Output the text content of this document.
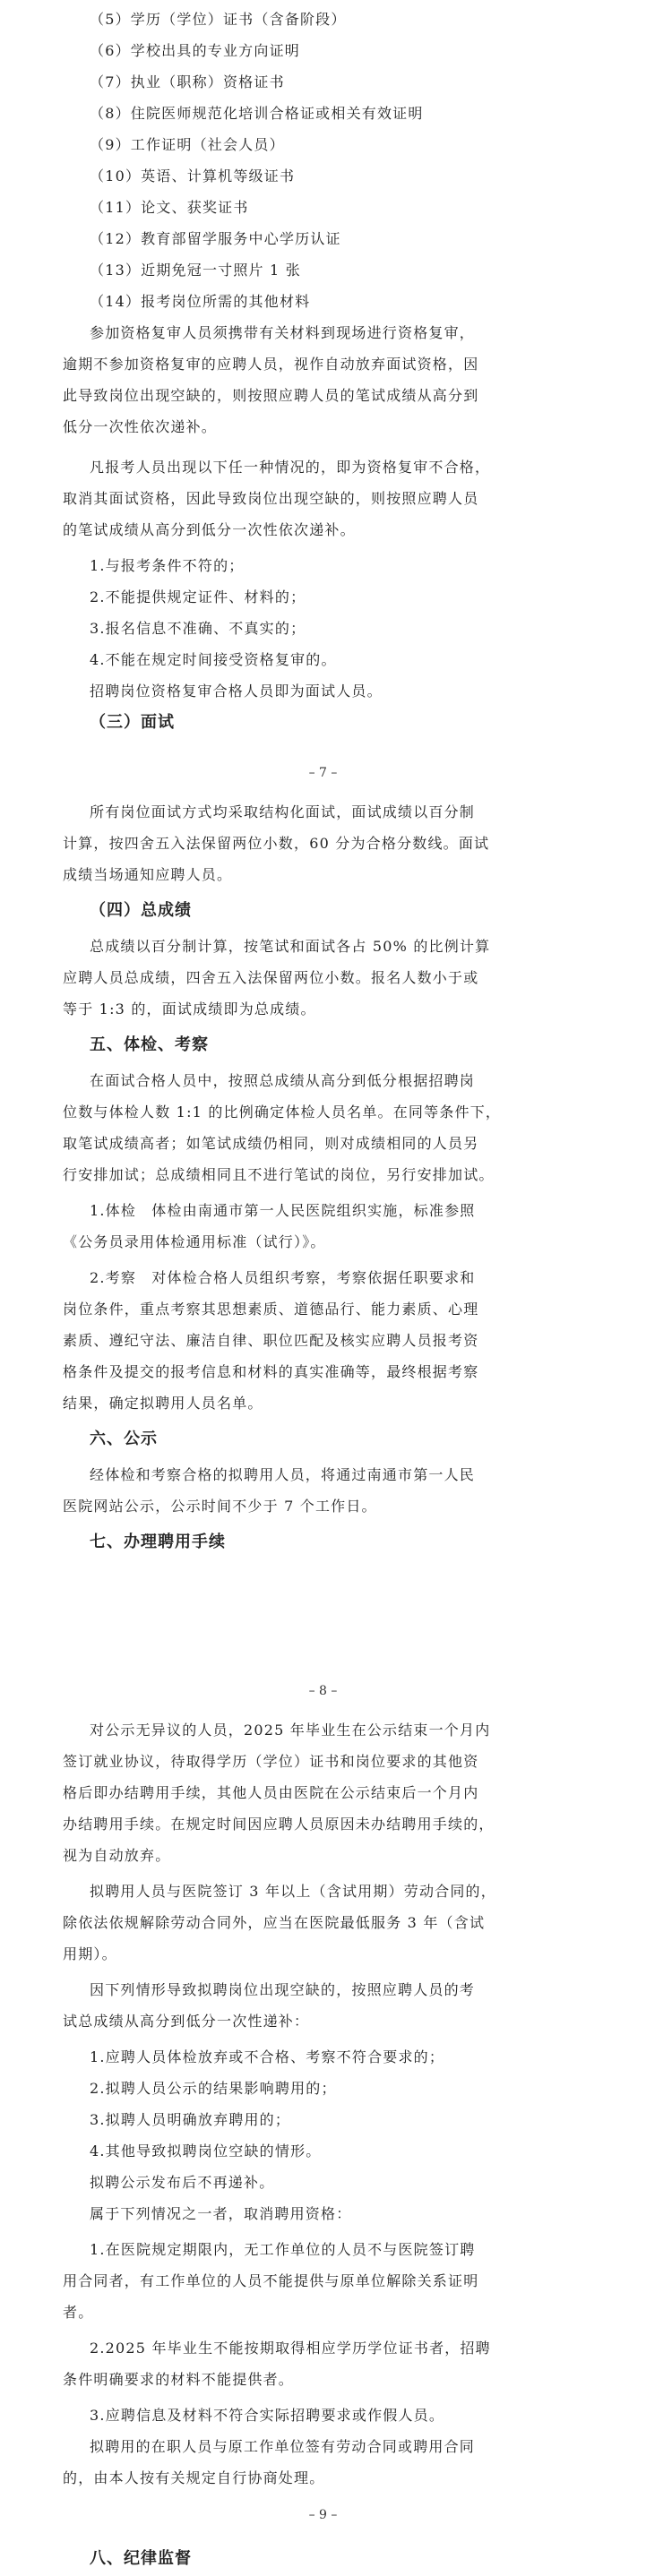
（5）学历（学位）证书（含备阶段）
（6）学校出具的专业方向证明
（7）执业（职称）资格证书
（8）住院医师规范化培训合格证或相关有效证明
（9）工作证明（社会人员）
（10）英语、计算机等级证书
（11）论文、获奖证书
（12）教育部留学服务中心学历认证
（13）近期免冠一寸照片 1 张
（14）报考岗位所需的其他材料
参加资格复审人员须携带有关材料到现场进行资格复审，
逾期不参加资格复审的应聘人员，视作自动放弃面试资格，因
此导致岗位出现空缺的，则按照应聘人员的笔试成绩从高分到
低分一次性依次递补。
凡报考人员出现以下任一种情况的，即为资格复审不合格，
取消其面试资格，因此导致岗位出现空缺的，则按照应聘人员
的笔试成绩从高分到低分一次性依次递补。
1.与报考条件不符的；
2.不能提供规定证件、材料的；
3.报名信息不准确、不真实的；
4.不能在规定时间接受资格复审的。
招聘岗位资格复审合格人员即为面试人员。
（三）面试
– 7 –
所有岗位面试方式均采取结构化面试，面试成绩以百分制
计算，按四舍五入法保留两位小数，60 分为合格分数线。面试
成绩当场通知应聘人员。
（四）总成绩
总成绩以百分制计算，按笔试和面试各占 50% 的比例计算
应聘人员总成绩，四舍五入法保留两位小数。报名人数小于或
等于 1:3 的，面试成绩即为总成绩。
五、体检、考察
在面试合格人员中，按照总成绩从高分到低分根据招聘岗
位数与体检人数 1:1 的比例确定体检人员名单。在同等条件下，
取笔试成绩高者；如笔试成绩仍相同，则对成绩相同的人员另
行安排加试；总成绩相同且不进行笔试的岗位，另行安排加试。
1.体检　体检由南通市第一人民医院组织实施，标准参照
《公务员录用体检通用标准（试行）》。
2.考察　对体检合格人员组织考察，考察依据任职要求和
岗位条件，重点考察其思想素质、道德品行、能力素质、心理
素质、遵纪守法、廉洁自律、职位匹配及核实应聘人员报考资
格条件及提交的报考信息和材料的真实准确等，最终根据考察
结果，确定拟聘用人员名单。
六、公示
经体检和考察合格的拟聘用人员，将通过南通市第一人民
医院网站公示，公示时间不少于 7 个工作日。
七、办理聘用手续
– 8 –
对公示无异议的人员，2025 年毕业生在公示结束一个月内
签订就业协议，待取得学历（学位）证书和岗位要求的其他资
格后即办结聘用手续，其他人员由医院在公示结束后一个月内
办结聘用手续。在规定时间因应聘人员原因未办结聘用手续的，
视为自动放弃。
拟聘用人员与医院签订 3 年以上（含试用期）劳动合同的，
除依法依规解除劳动合同外，应当在医院最低服务 3 年（含试
用期）。
因下列情形导致拟聘岗位出现空缺的，按照应聘人员的考
试总成绩从高分到低分一次性递补：
1.应聘人员体检放弃或不合格、考察不符合要求的；
2.拟聘人员公示的结果影响聘用的；
3.拟聘人员明确放弃聘用的；
4.其他导致拟聘岗位空缺的情形。
拟聘公示发布后不再递补。
属于下列情况之一者，取消聘用资格：
1.在医院规定期限内，无工作单位的人员不与医院签订聘
用合同者，有工作单位的人员不能提供与原单位解除关系证明
者。
2.2025 年毕业生不能按期取得相应学历学位证书者，招聘
条件明确要求的材料不能提供者。
3.应聘信息及材料不符合实际招聘要求或作假人员。
拟聘用的在职人员与原工作单位签有劳动合同或聘用合同
的，由本人按有关规定自行协商处理。
– 9 –
八、纪律监督
